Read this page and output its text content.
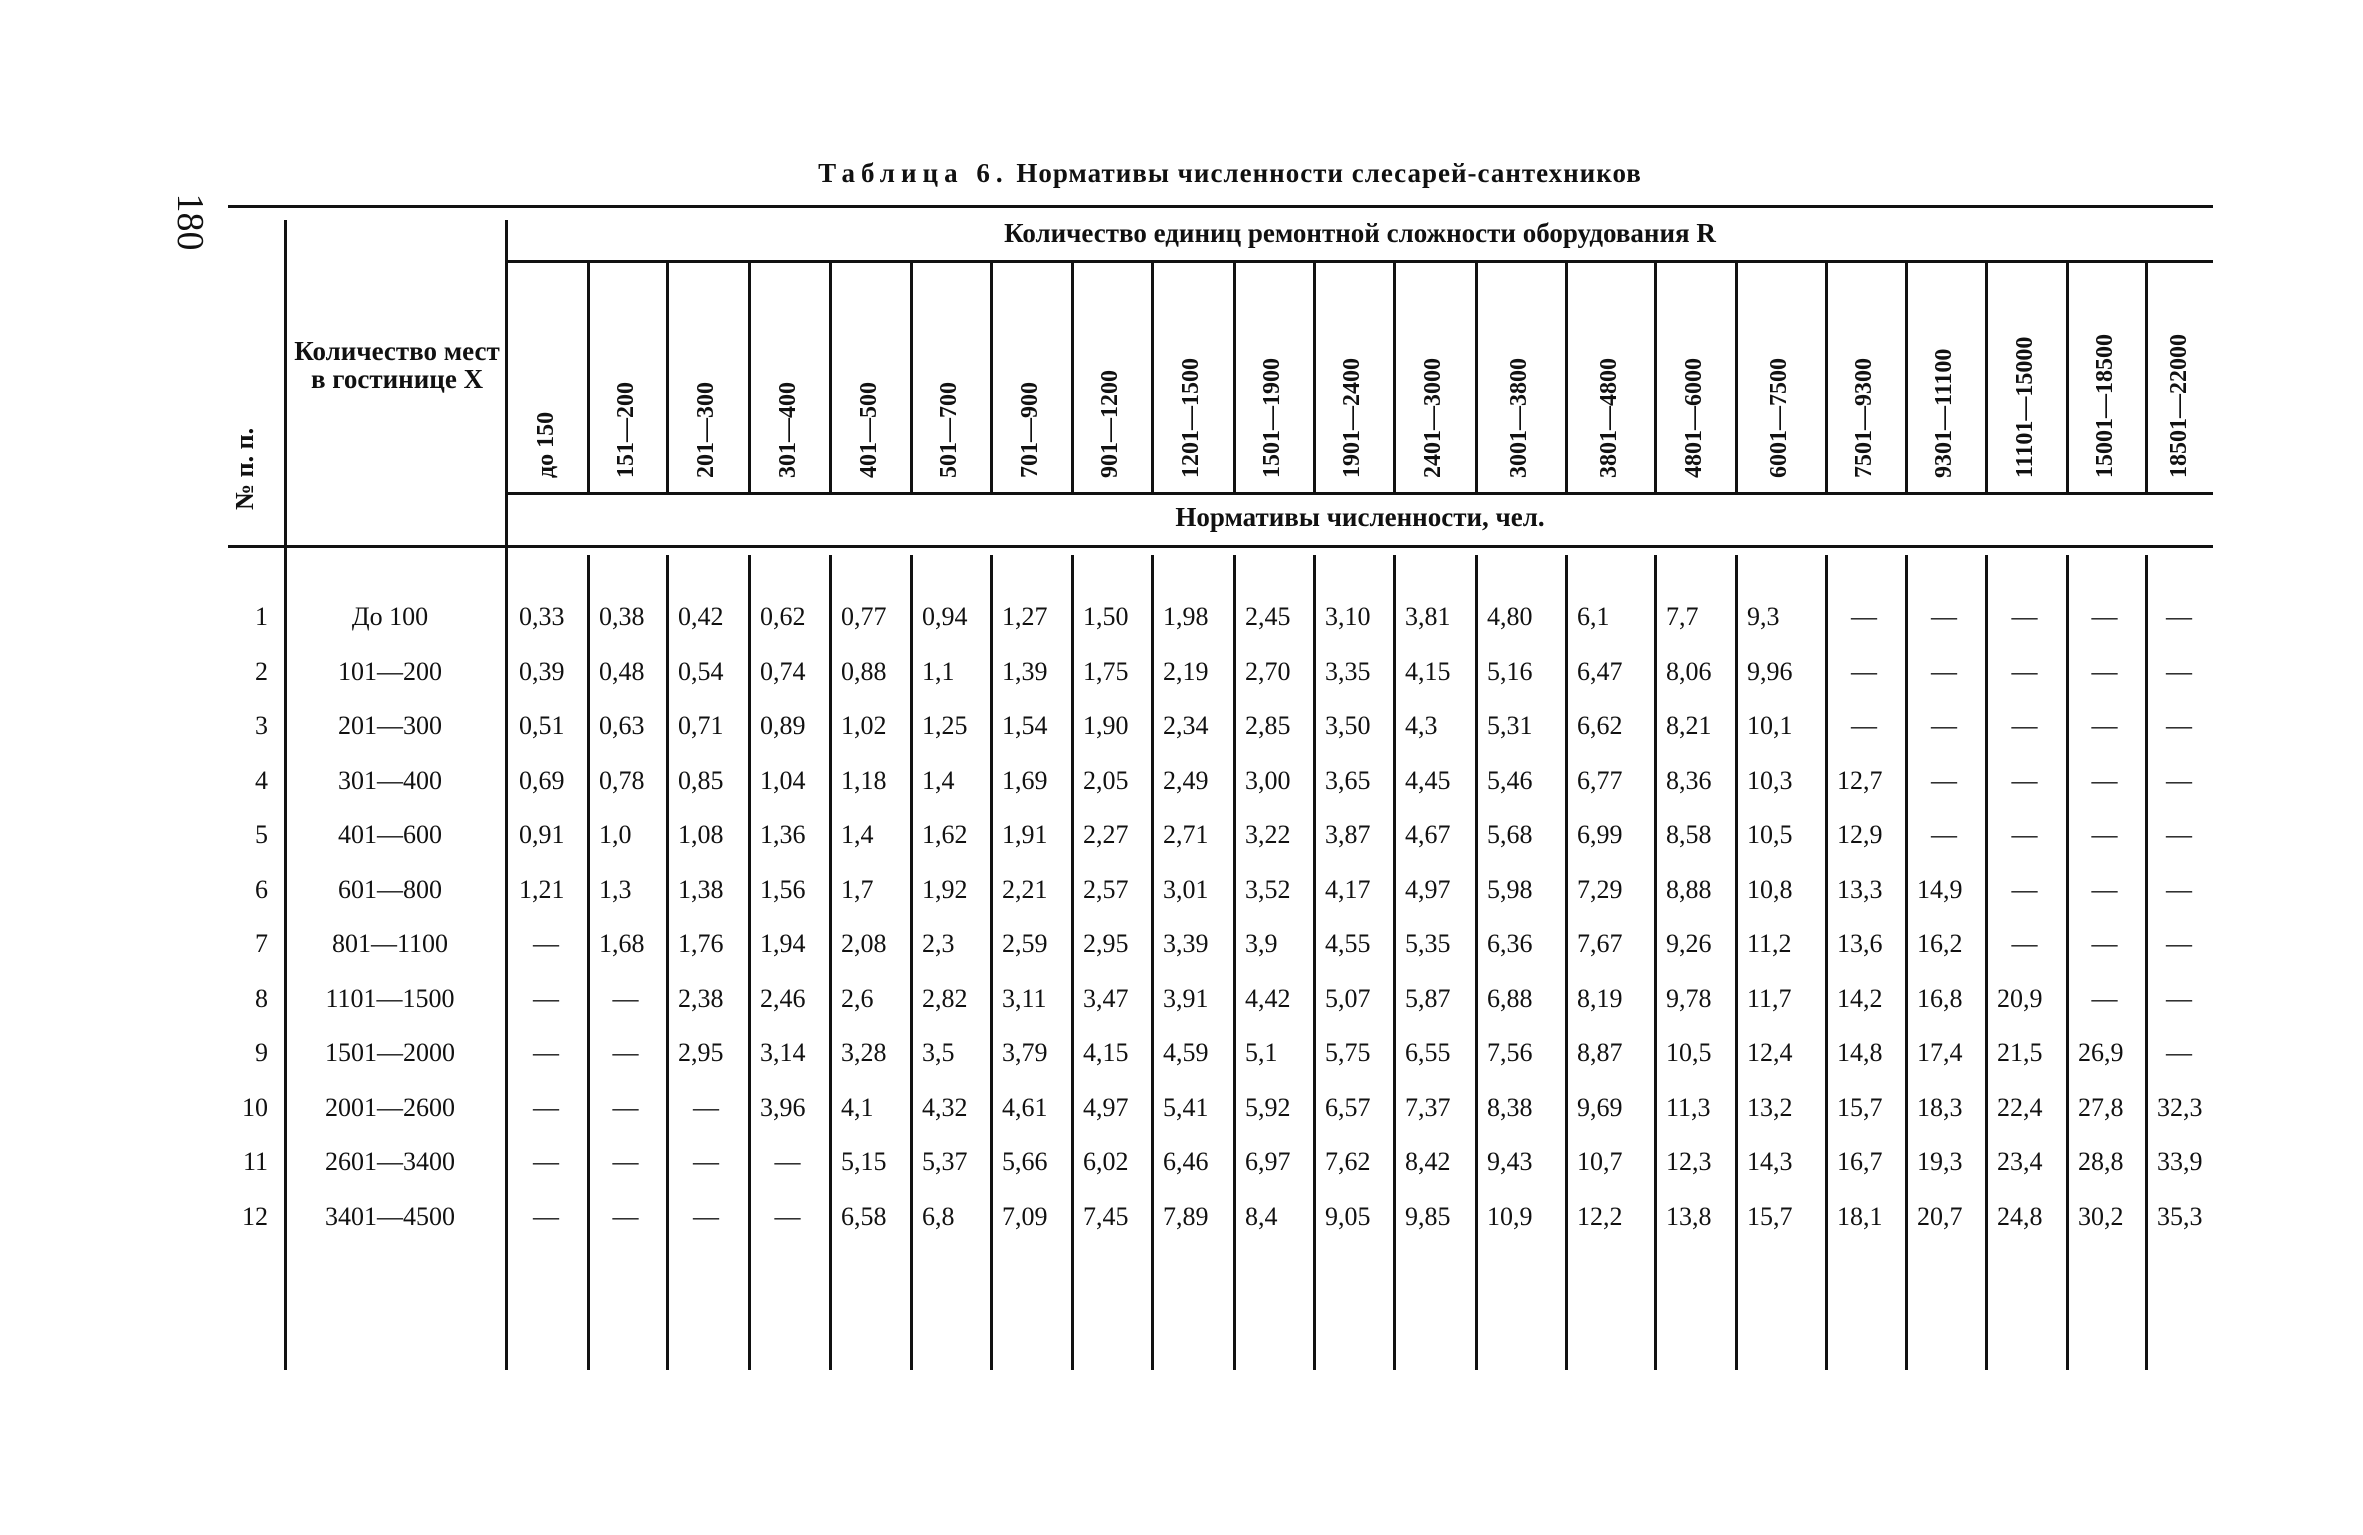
180
Таблица 6. Нормативы численности слесарей-сантехников
Количество единиц ремонтной сложности оборудования R
Нормативы численности, чел.
Количество мест в гостинице X
№ п. п.	до 150 151—200 201—300 301—400 401—500 501—700 701—900 901—1200 1201—1500 1501—1900 1901—2400 2401—3000	3001—3800	3801—4800 4801—6000 6001—7500 7501—9300 9301—11100 11101—15000 15001—18500 18501—22000
1	До 100	0,33 0,38 0,42 0,62 0,77 0,94 1,27 1,50 1,98 2,45 3,10 3,81 4,80 6,1 7,7 9,3	— — — — —
2	101—200	0,39 0,48 0,54 0,74 0,88 1,1 1,39 1,75 2,19 2,70 3,35 4,15 5,16 6,47 8,06 9,96 — — — — —
3	201—300	0,51 0,63 0,71 0,89 1,02 1,25 1,54 1,90 2,34 2,85 3,50 4,3 5,31 6,62 8,21 10,1 — — — — —
4	301—400	0,69 0,78 0,85 1,04 1,18 1,4 1,69 2,05 2,49 3,00 3,65 4,45 5,46 6,77 8,36 10,3 12,7 — — — —
5	401—600	0,91 1,0 1,08 1,36 1,4 1,62 1,91 2,27 2,71 3,22 3,87 4,67 5,68 6,99 8,58 10,5 12,9 — — — —
6	601—800	1,21 1,3 1,38 1,56 1,7 1,92 2,21 2,57 3,01 3,52 4,17 4,97 5,98 7,29 8,88 10,8 13,3 14,9 — — —
7	801—1100	— 1,68 1,76 1,94 2,08 2,3 2,59 2,95 3,39 3,9 4,55 5,35 6,36 7,67 9,26 11,2 13,6 16,2 — — —
8	1101—1500	— — 2,38 2,46 2,6 2,82 3,11 3,47 3,91 4,42 5,07 5,87 6,88 8,19 9,78 11,7 14,2 16,8 20,9 — —
9	1501—2000	— — 2,95 3,14 3,28 3,5 3,79 4,15 4,59 5,1 5,75 6,55 7,56 8,87 10,5 12,4 14,8 17,4 21,5 26,9 —
10	2001—2600	— — — 3,96 4,1 4,32 4,61 4,97 5,41 5,92 6,57 7,37 8,38 9,69 11,3 13,2 15,7 18,3 22,4 27,8 32,3
11	2601—3400	— — — — 5,15 5,37 5,66 6,02 6,46 6,97 7,62 8,42 9,43 10,7 12,3 14,3 16,7 19,3 23,4 28,8 33,9
12	3401—4500	— — — — 6,58 6,8 7,09 7,45 7,89 8,4 9,05 9,85 10,9 12,2 13,8 15,7 18,1 20,7 24,8 30,2 35,3
